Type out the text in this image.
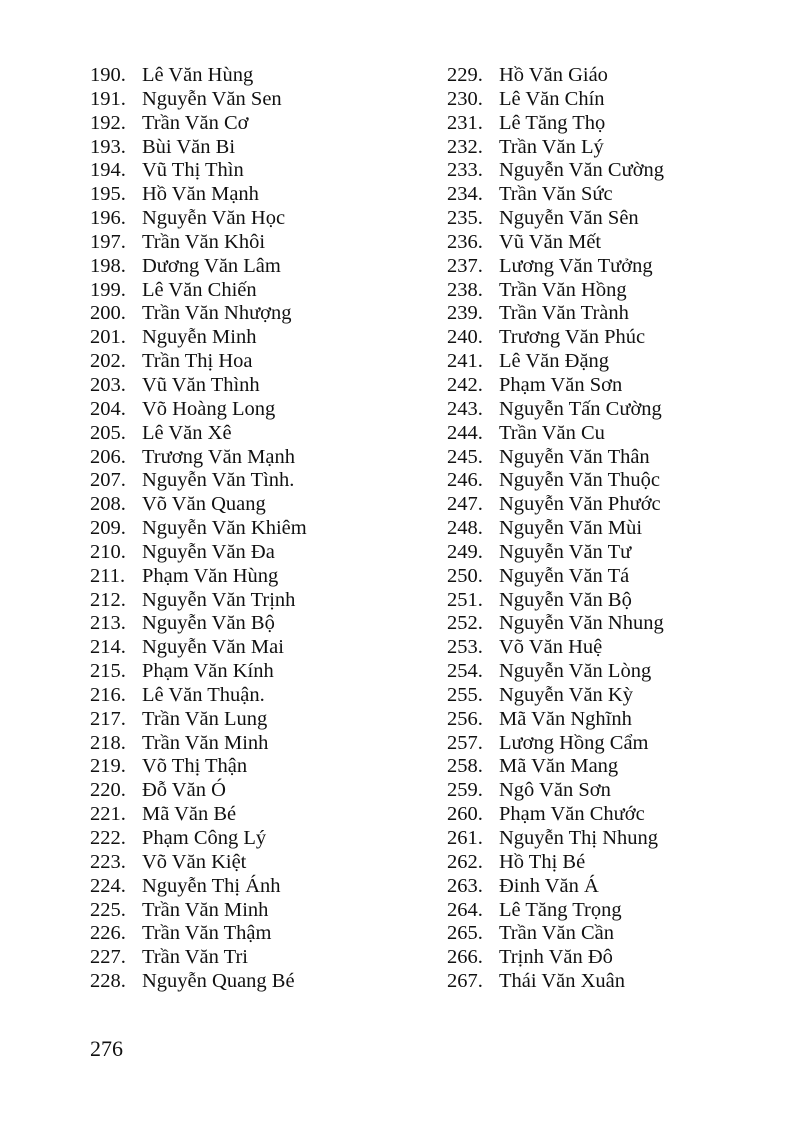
190. Lê Văn Hùng
191. Nguyễn Văn Sen
192. Trần Văn Cơ
193. Bùi Văn Bi
194. Vũ Thị Thìn
195. Hồ Văn Mạnh
196. Nguyễn Văn Học
197. Trần Văn Khôi
198. Dương Văn Lâm
199. Lê Văn Chiến
200. Trần Văn Nhượng
201. Nguyễn Minh
202. Trần Thị Hoa
203. Vũ Văn Thình
204. Võ Hoàng Long
205. Lê Văn Xê
206. Trương Văn Mạnh
207. Nguyễn Văn Tình.
208. Võ Văn Quang
209. Nguyễn Văn Khiêm
210. Nguyễn Văn Đa
211. Phạm Văn Hùng
212. Nguyễn Văn Trịnh
213. Nguyễn Văn Bộ
214. Nguyễn Văn Mai
215. Phạm Văn Kính
216. Lê Văn Thuận.
217. Trần Văn Lung
218. Trần Văn Minh
219. Võ Thị Thận
220. Đỗ Văn Ó
221. Mã Văn Bé
222. Phạm Công Lý
223. Võ Văn Kiệt
224. Nguyễn Thị Ánh
225. Trần Văn Minh
226. Trần Văn Thậm
227. Trần Văn Tri
228. Nguyễn Quang Bé
229. Hồ Văn Giáo
230. Lê Văn Chín
231. Lê Tăng Thọ
232. Trần Văn Lý
233. Nguyễn Văn Cường
234. Trần Văn Sức
235. Nguyễn Văn Sên
236. Vũ Văn Mết
237. Lương Văn Tưởng
238. Trần Văn Hồng
239. Trần Văn Trành
240. Trương Văn Phúc
241. Lê Văn Đặng
242. Phạm Văn Sơn
243. Nguyễn Tấn Cường
244. Trần Văn Cu
245. Nguyễn Văn Thân
246. Nguyễn Văn Thuộc
247. Nguyễn Văn Phước
248. Nguyễn Văn Mùi
249. Nguyễn Văn Tư
250. Nguyễn Văn Tá
251. Nguyễn Văn Bộ
252. Nguyễn Văn Nhung
253. Võ Văn Huệ
254. Nguyễn Văn Lòng
255. Nguyễn Văn Kỳ
256. Mã Văn Nghĩnh
257. Lương Hồng Cẩm
258. Mã Văn Mang
259. Ngô Văn Sơn
260. Phạm Văn Chước
261. Nguyễn Thị Nhung
262. Hồ Thị Bé
263. Đinh Văn Á
264. Lê Tăng Trọng
265. Trần Văn Cần
266. Trịnh Văn Đô
267. Thái Văn Xuân
276
